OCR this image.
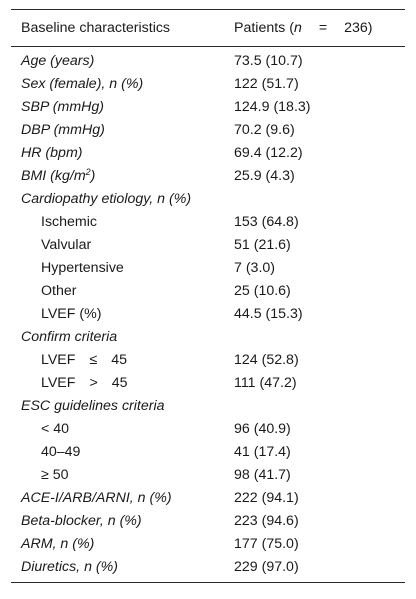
Baseline characteristics	Patients (n = 236)
Age (years)	73.5 (10.7)
Sex (female), n (%)	122 (51.7)
SBP (mmHg)	124.9 (18.3)
DBP (mmHg)	70.2 (9.6)
HR (bpm)	69.4 (12.2)
BMI $(kg/m^2)$	25.9 (4.3)
Cardiopathy etiology, n (%)
Ischemic	153 (64.8)
Valvular	51 (21.6)
Hypertensive	7 (3.0)
Other	25 (10.6)
LVEF (%)	44.5 (15.3)
Confirm criteria
LVEF ≤ 45	124 (52.8)
LVEF > 45	111 (47.2)
ESC guidelines criteria
< 40	96 (40.9)
40–49	41 (17.4)
≥ 50	98 (41.7)
ACE-I/ARB/ARNI, n (%)	222 (94.1)
Beta-blocker, n (%)	223 (94.6)
ARM, n (%)	177 (75.0)
Diuretics, n (%)	229 (97.0)
